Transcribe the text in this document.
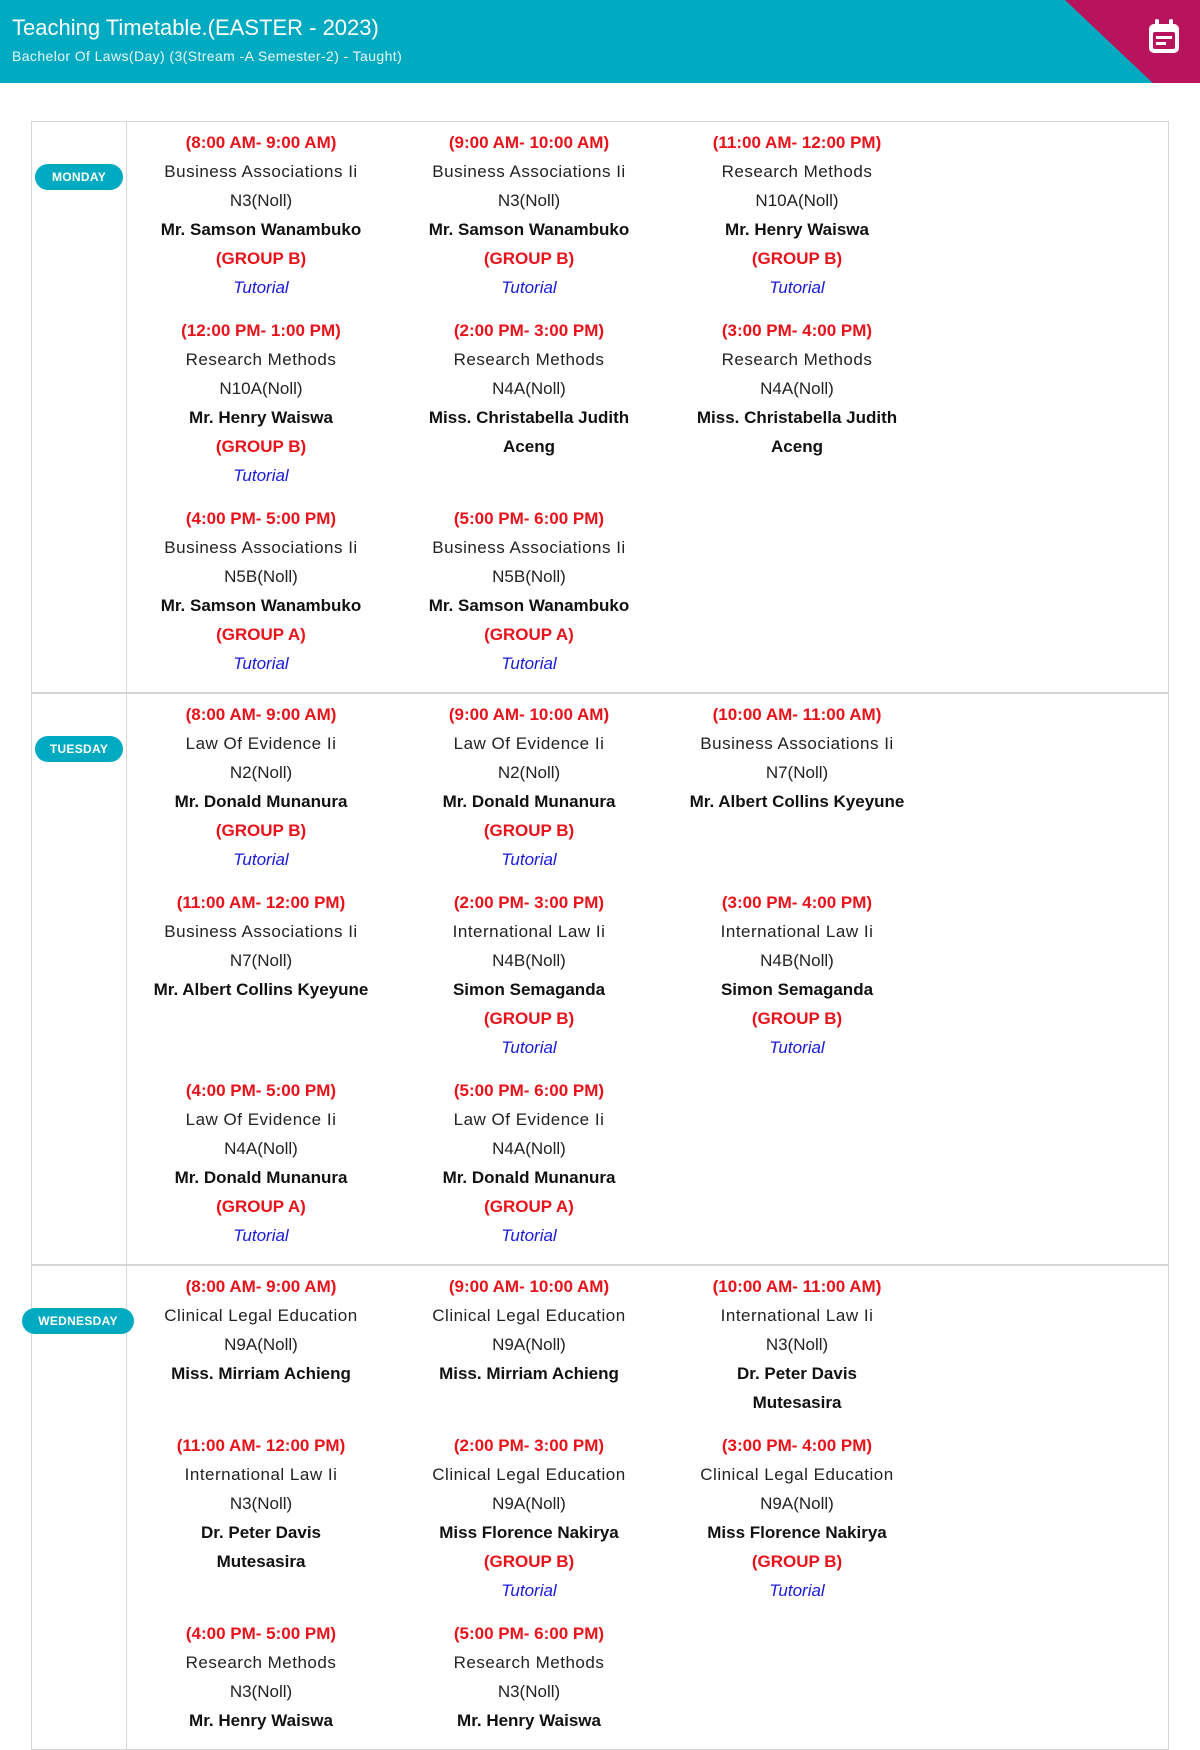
Teaching Timetable.(EASTER - 2023)
Bachelor Of Laws(Day) (3(Stream -A Semester-2) - Taught)
MONDAY
(8:00 AM- 9:00 AM)
Business Associations Ii
N3(Noll)
Mr. Samson Wanambuko
(GROUP B)
Tutorial
(9:00 AM- 10:00 AM)
Business Associations Ii
N3(Noll)
Mr. Samson Wanambuko
(GROUP B)
Tutorial
(11:00 AM- 12:00 PM)
Research Methods
N10A(Noll)
Mr. Henry Waiswa
(GROUP B)
Tutorial
(12:00 PM- 1:00 PM)
Research Methods
N10A(Noll)
Mr. Henry Waiswa
(GROUP B)
Tutorial
(2:00 PM- 3:00 PM)
Research Methods
N4A(Noll)
Miss. Christabella Judith
Aceng
(3:00 PM- 4:00 PM)
Research Methods
N4A(Noll)
Miss. Christabella Judith
Aceng
(4:00 PM- 5:00 PM)
Business Associations Ii
N5B(Noll)
Mr. Samson Wanambuko
(GROUP A)
Tutorial
(5:00 PM- 6:00 PM)
Business Associations Ii
N5B(Noll)
Mr. Samson Wanambuko
(GROUP A)
Tutorial
TUESDAY
(8:00 AM- 9:00 AM)
Law Of Evidence Ii
N2(Noll)
Mr. Donald Munanura
(GROUP B)
Tutorial
(9:00 AM- 10:00 AM)
Law Of Evidence Ii
N2(Noll)
Mr. Donald Munanura
(GROUP B)
Tutorial
(10:00 AM- 11:00 AM)
Business Associations Ii
N7(Noll)
Mr. Albert Collins Kyeyune
(11:00 AM- 12:00 PM)
Business Associations Ii
N7(Noll)
Mr. Albert Collins Kyeyune
(2:00 PM- 3:00 PM)
International Law Ii
N4B(Noll)
Simon Semaganda
(GROUP B)
Tutorial
(3:00 PM- 4:00 PM)
International Law Ii
N4B(Noll)
Simon Semaganda
(GROUP B)
Tutorial
(4:00 PM- 5:00 PM)
Law Of Evidence Ii
N4A(Noll)
Mr. Donald Munanura
(GROUP A)
Tutorial
(5:00 PM- 6:00 PM)
Law Of Evidence Ii
N4A(Noll)
Mr. Donald Munanura
(GROUP A)
Tutorial
WEDNESDAY
(8:00 AM- 9:00 AM)
Clinical Legal Education
N9A(Noll)
Miss. Mirriam Achieng
(9:00 AM- 10:00 AM)
Clinical Legal Education
N9A(Noll)
Miss. Mirriam Achieng
(10:00 AM- 11:00 AM)
International Law Ii
N3(Noll)
Dr. Peter Davis
Mutesasira
(11:00 AM- 12:00 PM)
International Law Ii
N3(Noll)
Dr. Peter Davis
Mutesasira
(2:00 PM- 3:00 PM)
Clinical Legal Education
N9A(Noll)
Miss Florence Nakirya
(GROUP B)
Tutorial
(3:00 PM- 4:00 PM)
Clinical Legal Education
N9A(Noll)
Miss Florence Nakirya
(GROUP B)
Tutorial
(4:00 PM- 5:00 PM)
Research Methods
N3(Noll)
Mr. Henry Waiswa
(5:00 PM- 6:00 PM)
Research Methods
N3(Noll)
Mr. Henry Waiswa
